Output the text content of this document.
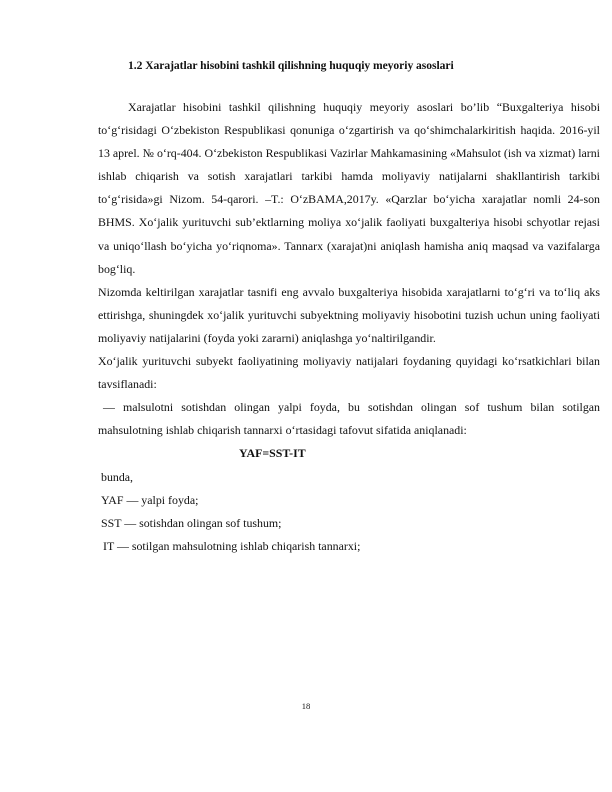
1.2 Xarajatlar hisobini tashkil qilishning huquqiy meyoriy asoslari

Xarajatlar hisobini tashkil qilishning huquqiy meyoriy asoslari bo’lib “Buxgalteriya hisobi to‘g‘risidagi O‘zbekiston Respublikasi qonuniga o‘zgartirish va qo‘shimchalarkiritish haqida. 2016-yil 13 aprel. № o‘rq-404. O‘zbekiston Respublikasi Vazirlar Mahkamasining «Mahsulot (ish va xizmat) larni ishlab chiqarish va sotish xarajatlari tarkibi hamda moliyaviy natijalarni shakllantirish tarkibi to‘g‘risida»gi Nizom. 54-qarori. –T.: O‘zBAMA,2017y. «Qarzlar bo‘yicha xarajatlar nomli 24-son BHMS. Xo‘jalik yurituvchi sub’ektlarning moliya xo‘jalik faoliyati buxgalteriya hisobi schyotlar rejasi va uniqo‘llash bo‘yicha yo‘riqnoma». Tannarx (xarajat)ni aniqlash hamisha aniq maqsad va vazifalarga bog‘liq.

Nizomda keltirilgan xarajatlar tasnifi eng avvalo buxgalteriya hisobida xarajatlarni to‘g‘ri va to‘liq aks ettirishga, shuningdek xo‘jalik yurituvchi subyektning moliyaviy hisobotini tuzish uchun uning faoliyati moliyaviy natijalarini (foyda yoki zararni) aniqlashga yo‘naltirilgandir.

Xo‘jalik yurituvchi subyekt faoliyatining moliyaviy natijalari foydaning quyidagi ko‘rsatkichlari bilan tavsiflanadi:

— malsulotni sotishdan olingan yalpi foyda, bu sotishdan olingan sof tushum bilan sotilgan mahsulotning ishlab chiqarish tannarxi o‘rtasidagi tafovut sifatida aniqlanadi:

YAF=SST-IT

bunda,

YAF — yalpi foyda;

SST — sotishdan olingan sof tushum;

IT — sotilgan mahsulotning ishlab chiqarish tannarxi;

18
